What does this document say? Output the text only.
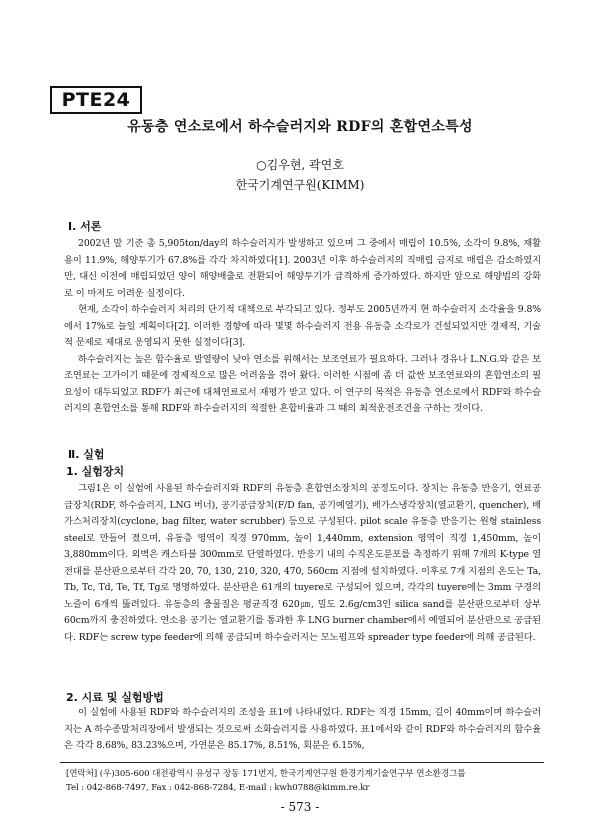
PTE24
유동층 연소로에서 하수슬러지와 RDF의 혼합연소특성
○김우현, 곽연호
한국기계연구원(KIMM)
Ⅰ. 서론

2002년 말 기준 총 5,905ton/day의 하수슬러지가 발생하고 있으며 그 중에서 매립이 10.5%, 소각이 9.8%, 재활용이 11.9%, 해양투기가 67.8%를 각각 차지하였다[1]. 2003년 이후 하수슬러지의 직매립 금지로 매립은 감소하였지만, 대신 이전에 매립되었던 양이 해양배출로 전환되어 해양투기가 급격하게 증가하였다. 하지만 앞으로 해양법의 강화로 이 마저도 어려운 실정이다.

현재, 소각이 하수슬러지 처리의 단기적 대책으로 부각되고 있다. 정부도 2005년까지 현 하수슬러지 소각율을 9.8%에서 17%로 늘일 계획이다[2]. 이러한 경향에 따라 몇몇 하수슬러지 전용 유동층 소각로가 건설되었지만 경제적, 기술적 문제로 제대로 운영되지 못한 실정이다[3].

하수슬러지는 높은 함수율로 발열량이 낮아 연소를 위해서는 보조연료가 필요하다. 그러나 경유나 L.N.G.와 같은 보조연료는 고가이기 때문에 경제적으로 많은 어려움을 겪어 왔다. 이러한 시점에 좀 더 값싼 보조연료와의 혼합연소의 필요성이 대두되었고 RDF가 최근에 대체연료로서 재평가 받고 있다. 이 연구의 목적은 유동층 연소로에서 RDF와 하수슬러지의 혼합연소를 통해 RDF와 하수슬러지의 적절한 혼합비율과 그 때의 최적운전조건을 구하는 것이다.

Ⅱ. 실험
1. 실험장치

그림1은 이 실험에 사용된 하수슬러지와 RDF의 유동층 혼합연소장치의 공정도이다. 장치는 유동층 반응기, 연료공급장치(RDF, 하수슬러지, LNG 버너), 공기공급장치(F/D fan, 공기예열기), 배가스냉각장치(열교환기, quencher), 배가스처리장치(cyclone, bag filter, water scrubber) 등으로 구성된다. pilot scale 유동층 반응기는 원형 stainless steel로 만들어 졌으며, 유동층 영역이 직경 970mm, 높이 1,440mm, extension 영역이 직경 1,450mm, 높이 3,880mm이다. 외벽은 캐스타블 300mm로 단열하였다. 반응기 내의 수직온도분포를 측정하기 위해 7개의 K-type 열전대를 분산판으로부터 각각 20, 70, 130, 210, 320, 470, 560cm 지점에 설치하였다. 이후로 7개 지점의 온도는 Ta, Tb, Tc, Td, Te, Tf, Tg로 명명하였다. 분산판은 61개의 tuyere로 구성되어 있으며, 각각의 tuyere에는 3mm 구경의 노즐이 6개씩 뚫려있다. 유동층의 충물질은 평균직경 620㎛, 밀도 2.6g/cm3인 silica sand를 분산판으로부터 상부 60cm까지 충진하였다. 연소용 공기는 열교환기를 통과한 후 LNG burner chamber에서 예열되어 분산판으로 공급된다. RDF는 screw type feeder에 의해 공급되며 하수슬러지는 모노펌프와 spreader type feeder에 의해 공급된다.

2. 시료 및 실험방법

이 실험에 사용된 RDF와 하수슬러지의 조성을 표1에 나타내었다. RDF는 직경 15mm, 길이 40mm이며 하수슬러지는 A 하수종말처리장에서 발생되는 것으로써 소화슬러지를 사용하였다. 표1에서와 같이 RDF와 하수슬러지의 함수율은 각각 8.68%, 83.23%으며, 가연분은 85.17%, 8.51%, 회분은 6.15%,

[연락처] (우)305-600 대전광역시 유성구 장동 171번지, 한국기계연구원 환경기계기술연구부 연소환경그룹
Tel : 042-868-7497, Fax : 042-868-7284, E-mail : kwh0788@kimm.re.kr
- 573 -
